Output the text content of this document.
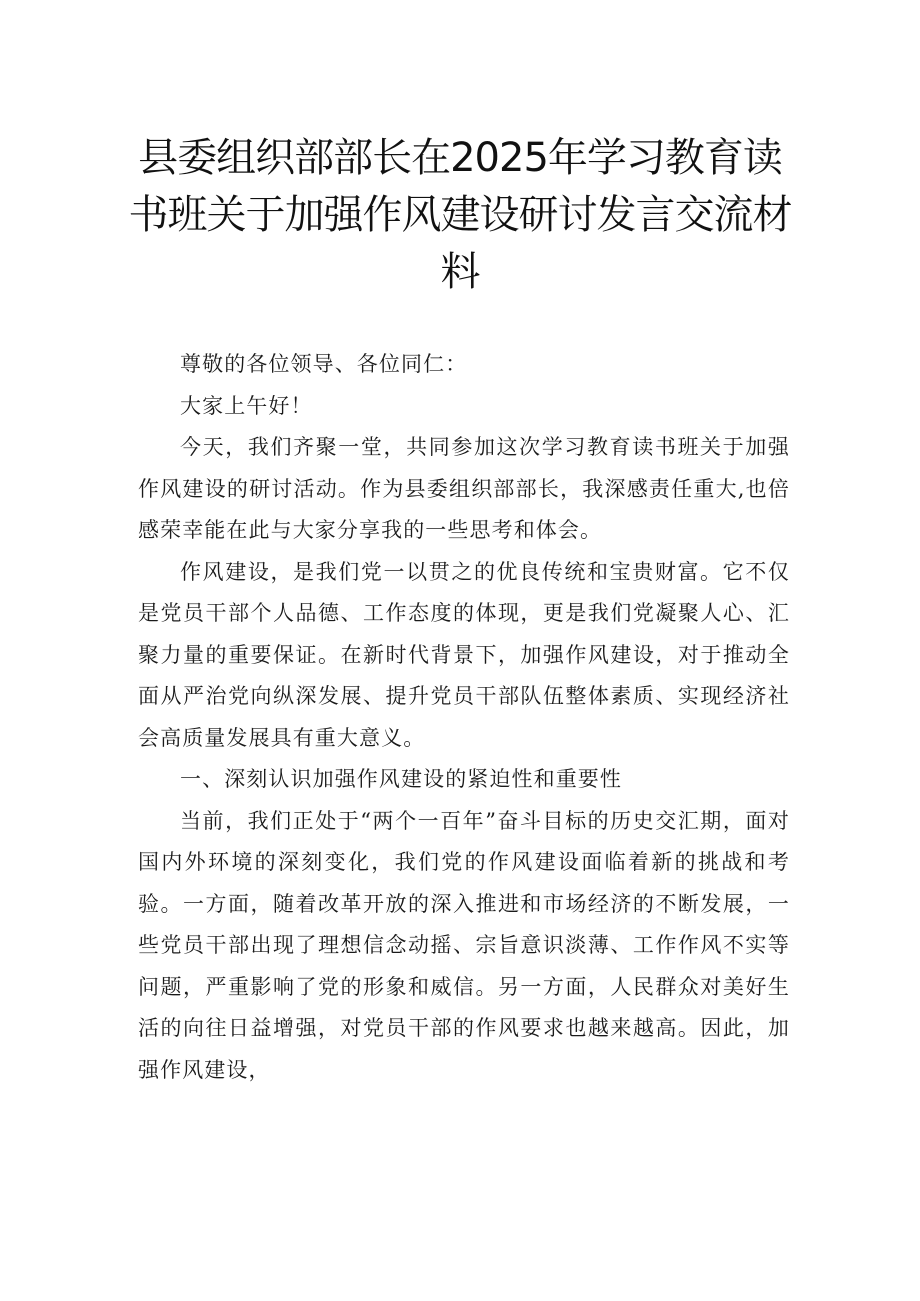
县委组织部部长在2025年学习教育读书班关于加强作风建设研讨发言交流材料

尊敬的各位领导、各位同仁：

大家上午好！

今天，我们齐聚一堂，共同参加这次学习教育读书班关于加强作风建设的研讨活动。作为县委组织部部长，我深感责任重大,也倍感荣幸能在此与大家分享我的一些思考和体会。

作风建设，是我们党一以贯之的优良传统和宝贵财富。它不仅是党员干部个人品德、工作态度的体现，更是我们党凝聚人心、汇聚力量的重要保证。在新时代背景下，加强作风建设，对于推动全面从严治党向纵深发展、提升党员干部队伍整体素质、实现经济社会高质量发展具有重大意义。

一、深刻认识加强作风建设的紧迫性和重要性

当前，我们正处于“两个一百年”奋斗目标的历史交汇期，面对国内外环境的深刻变化，我们党的作风建设面临着新的挑战和考验。一方面，随着改革开放的深入推进和市场经济的不断发展，一些党员干部出现了理想信念动摇、宗旨意识淡薄、工作作风不实等问题，严重影响了党的形象和威信。另一方面，人民群众对美好生活的向往日益增强，对党员干部的作风要求也越来越高。因此，加强作风建设，
